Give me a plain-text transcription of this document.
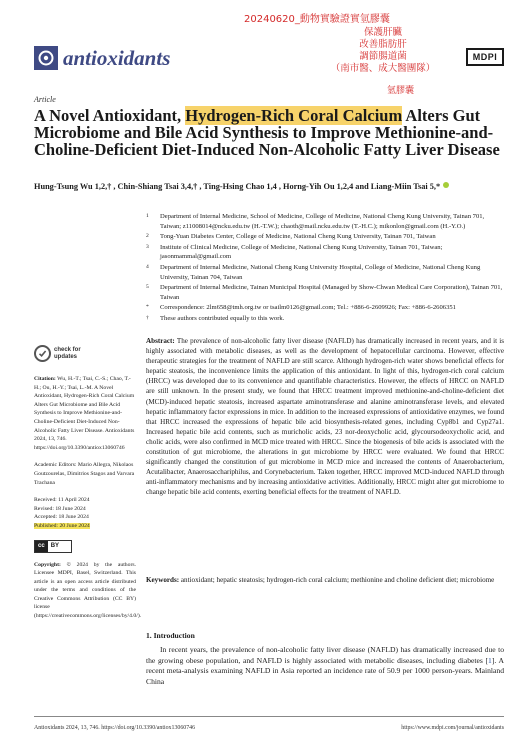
antioxidants
20240620_動物實驗證實氫膠囊
保護肝臟
改善脂肪肝
調節腸道菌
（南市醫、成大醫團隊）
氫膠囊
MDPI
Article
A Novel Antioxidant, Hydrogen-Rich Coral Calcium Alters Gut Microbiome and Bile Acid Synthesis to Improve Methionine-and-Choline-Deficient Diet-Induced Non-Alcoholic Fatty Liver Disease
Hung-Tsung Wu 1,2,† , Chin-Shiang Tsai 3,4,† , Ting-Hsing Chao 1,4 , Horng-Yih Ou 1,2,4 and Liang-Miin Tsai 5,*
1	Department of Internal Medicine, School of Medicine, College of Medicine, National Cheng Kung University, Tainan 701, Taiwan; z11008014@ncku.edu.tw (H.-T.W.); chaoth@mail.ncku.edu.tw (T.-H.C.); mikonlon@gmail.com (H.-Y.O.)
2	Tong-Yuan Diabetes Center, College of Medicine, National Cheng Kung University, Tainan 701, Taiwan
3	Institute of Clinical Medicine, College of Medicine, National Cheng Kung University, Tainan 701, Taiwan; jasonmammal@gmail.com
4	Department of Internal Medicine, National Cheng Kung University Hospital, College of Medicine, National Cheng Kung University, Tainan 704, Taiwan
5	Department of Internal Medicine, Tainan Municipal Hospital (Managed by Show-Chwan Medical Care Corporation), Tainan 701, Taiwan
*	Correspondence: 2lm658@tmh.org.tw or tsailm0126@gmail.com; Tel.: +886-6-2609926; Fax: +886-6-2606351
†	These authors contributed equally to this work.
check for
updates
Citation: Wu, H.-T.; Tsai, C.-S.; Chao, T.-H.; Ou, H.-Y.; Tsai, L.-M. A Novel Antioxidant, Hydrogen-Rich Coral Calcium Alters Gut Microbiome and Bile Acid Synthesis to Improve Methionine-and-Choline-Deficient Diet-Induced Non-Alcoholic Fatty Liver Disease. Antioxidants 2024, 13, 746. https://doi.org/10.3390/antiox13060746
Academic Editors: Mario Allegra, Nikolaos Goutzourelas, Dimitrios Stagos and Varvara Trachana
Received: 11 April 2024
Revised: 18 June 2024
Accepted: 18 June 2024
Published: 20 June 2024
cc	BY
Copyright: © 2024 by the authors. Licensee MDPI, Basel, Switzerland. This article is an open access article distributed under the terms and conditions of the Creative Commons Attribution (CC BY) license (https://creativecommons.org/licenses/by/4.0/).
Abstract: The prevalence of non-alcoholic fatty liver disease (NAFLD) has dramatically increased in recent years, and it is highly associated with metabolic diseases, as well as the development of hepatocellular carcinoma. However, effective therapeutic strategies for the treatment of NAFLD are still scarce. Although hydrogen-rich water shows beneficial effects for hepatic steatosis, the inconvenience limits the application of this antioxidant. In light of this, hydrogen-rich coral calcium (HRCC) was developed due to its convenience and quantifiable characteristics. However, the effects of HRCC on NAFLD are still unknown. In the present study, we found that HRCC treatment improved methionine-and-choline-deficient diet (MCD)-induced hepatic steatosis, increased aspartate aminotransferase and alanine aminotransferase levels, and elevated hepatic inflammatory factor expressions in mice. In addition to the increased expressions of antioxidative enzymes, we found that HRCC increased the expressions of hepatic bile acid biosynthesis-related genes, including Cyp8b1 and Cyp27a1. Increased hepatic bile acid contents, such as muricholic acids, 23 nor-deoxycholic acid, glycoursodeoxycholic acid, and cholic acids, were also confirmed in MCD mice treated with HRCC. Since the biogenesis of bile acids is associated with the constitution of gut microbiome, the alterations in gut microbiome by HRCC were evaluated. We found that HRCC significantly changed the constitution of gut microbiome in MCD mice and increased the contents of Anaerobacterium, Acutalibacter, Anaerosacchariphilus, and Corynebacterium. Taken together, HRCC improved MCD-induced NAFLD through anti-inflammatory mechanisms and by increasing antioxidative activities. Additionally, HRCC might alter gut microbiome to change hepatic bile acid contents, exerting beneficial effects for the treatment of NAFLD.
Keywords: antioxidant; hepatic steatosis; hydrogen-rich coral calcium; methionine and choline deficient diet; microbiome
1. Introduction
In recent years, the prevalence of non-alcoholic fatty liver disease (NAFLD) has dramatically increased due to the growing obese population, and NAFLD is highly associated with metabolic diseases, including diabetes [1]. A recent meta-analysis examining NAFLD in Asia reported an incidence rate of 50.9 per 1000 person-years. Mainland China
Antioxidants 2024, 13, 746. https://doi.org/10.3390/antiox13060746	https://www.mdpi.com/journal/antioxidants
